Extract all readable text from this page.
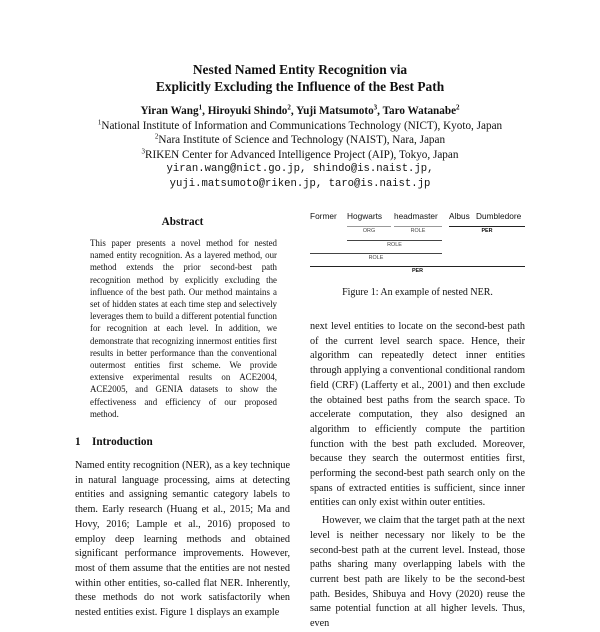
Nested Named Entity Recognition via
Explicitly Excluding the Influence of the Best Path
Yiran Wang$^1$, Hiroyuki Shindo$^2$, Yuji Matsumoto$^3$, Taro Watanabe$^2$
$^1$National Institute of Information and Communications Technology (NICT), Kyoto, Japan
$^2$Nara Institute of Science and Technology (NAIST), Nara, Japan
$^3$RIKEN Center for Advanced Intelligence Project (AIP), Tokyo, Japan
yiran.wang@nict.go.jp, shindo@is.naist.jp,
yuji.matsumoto@riken.jp, taro@is.naist.jp
Abstract
This paper presents a novel method for nested named entity recognition. As a layered method, our method extends the prior second-best path recognition method by explicitly excluding the influence of the best path. Our method maintains a set of hidden states at each time step and selectively leverages them to build a different potential function for recognition at each level. In addition, we demonstrate that recognizing innermost entities first results in better performance than the conventional outermost entities first scheme. We provide extensive experimental results on ACE2004, ACE2005, and GENIA datasets to show the effectiveness and efficiency of our proposed method.
1 Introduction
Named entity recognition (NER), as a key technique in natural language processing, aims at detecting entities and assigning semantic category labels to them. Early research (Huang et al., 2015; Ma and Hovy, 2016; Lample et al., 2016) proposed to employ deep learning methods and obtained significant performance improvements. However, most of them assume that the entities are not nested within other entities, so-called flat NER. Inherently, these methods do not work satisfactorily when nested entities exist. Figure 1 displays an example
Former Hogwarts headmaster Albus Dumbledore
ORG	ROLE	PER
ROLE
ROLE
PER
Figure 1: An example of nested NER.

next level entities to locate on the second-best path of the current level search space. Hence, their algorithm can repeatedly detect inner entities through applying a conventional conditional random field (CRF) (Lafferty et al., 2001) and then exclude the obtained best paths from the search space. To accelerate computation, they also designed an algorithm to efficiently compute the partition function with the best path excluded. Moreover, because they search the outermost entities first, performing the second-best path search only on the spans of extracted entities is sufficient, since inner entities can only exist within outer entities.

However, we claim that the target path at the next level is neither necessary nor likely to be the second-best path at the current level. Instead, those paths sharing many overlapping labels with the current best path are likely to be the second-best path. Besides, Shibuya and Hovy (2020) reuse the same potential function at all higher levels. Thus, even
